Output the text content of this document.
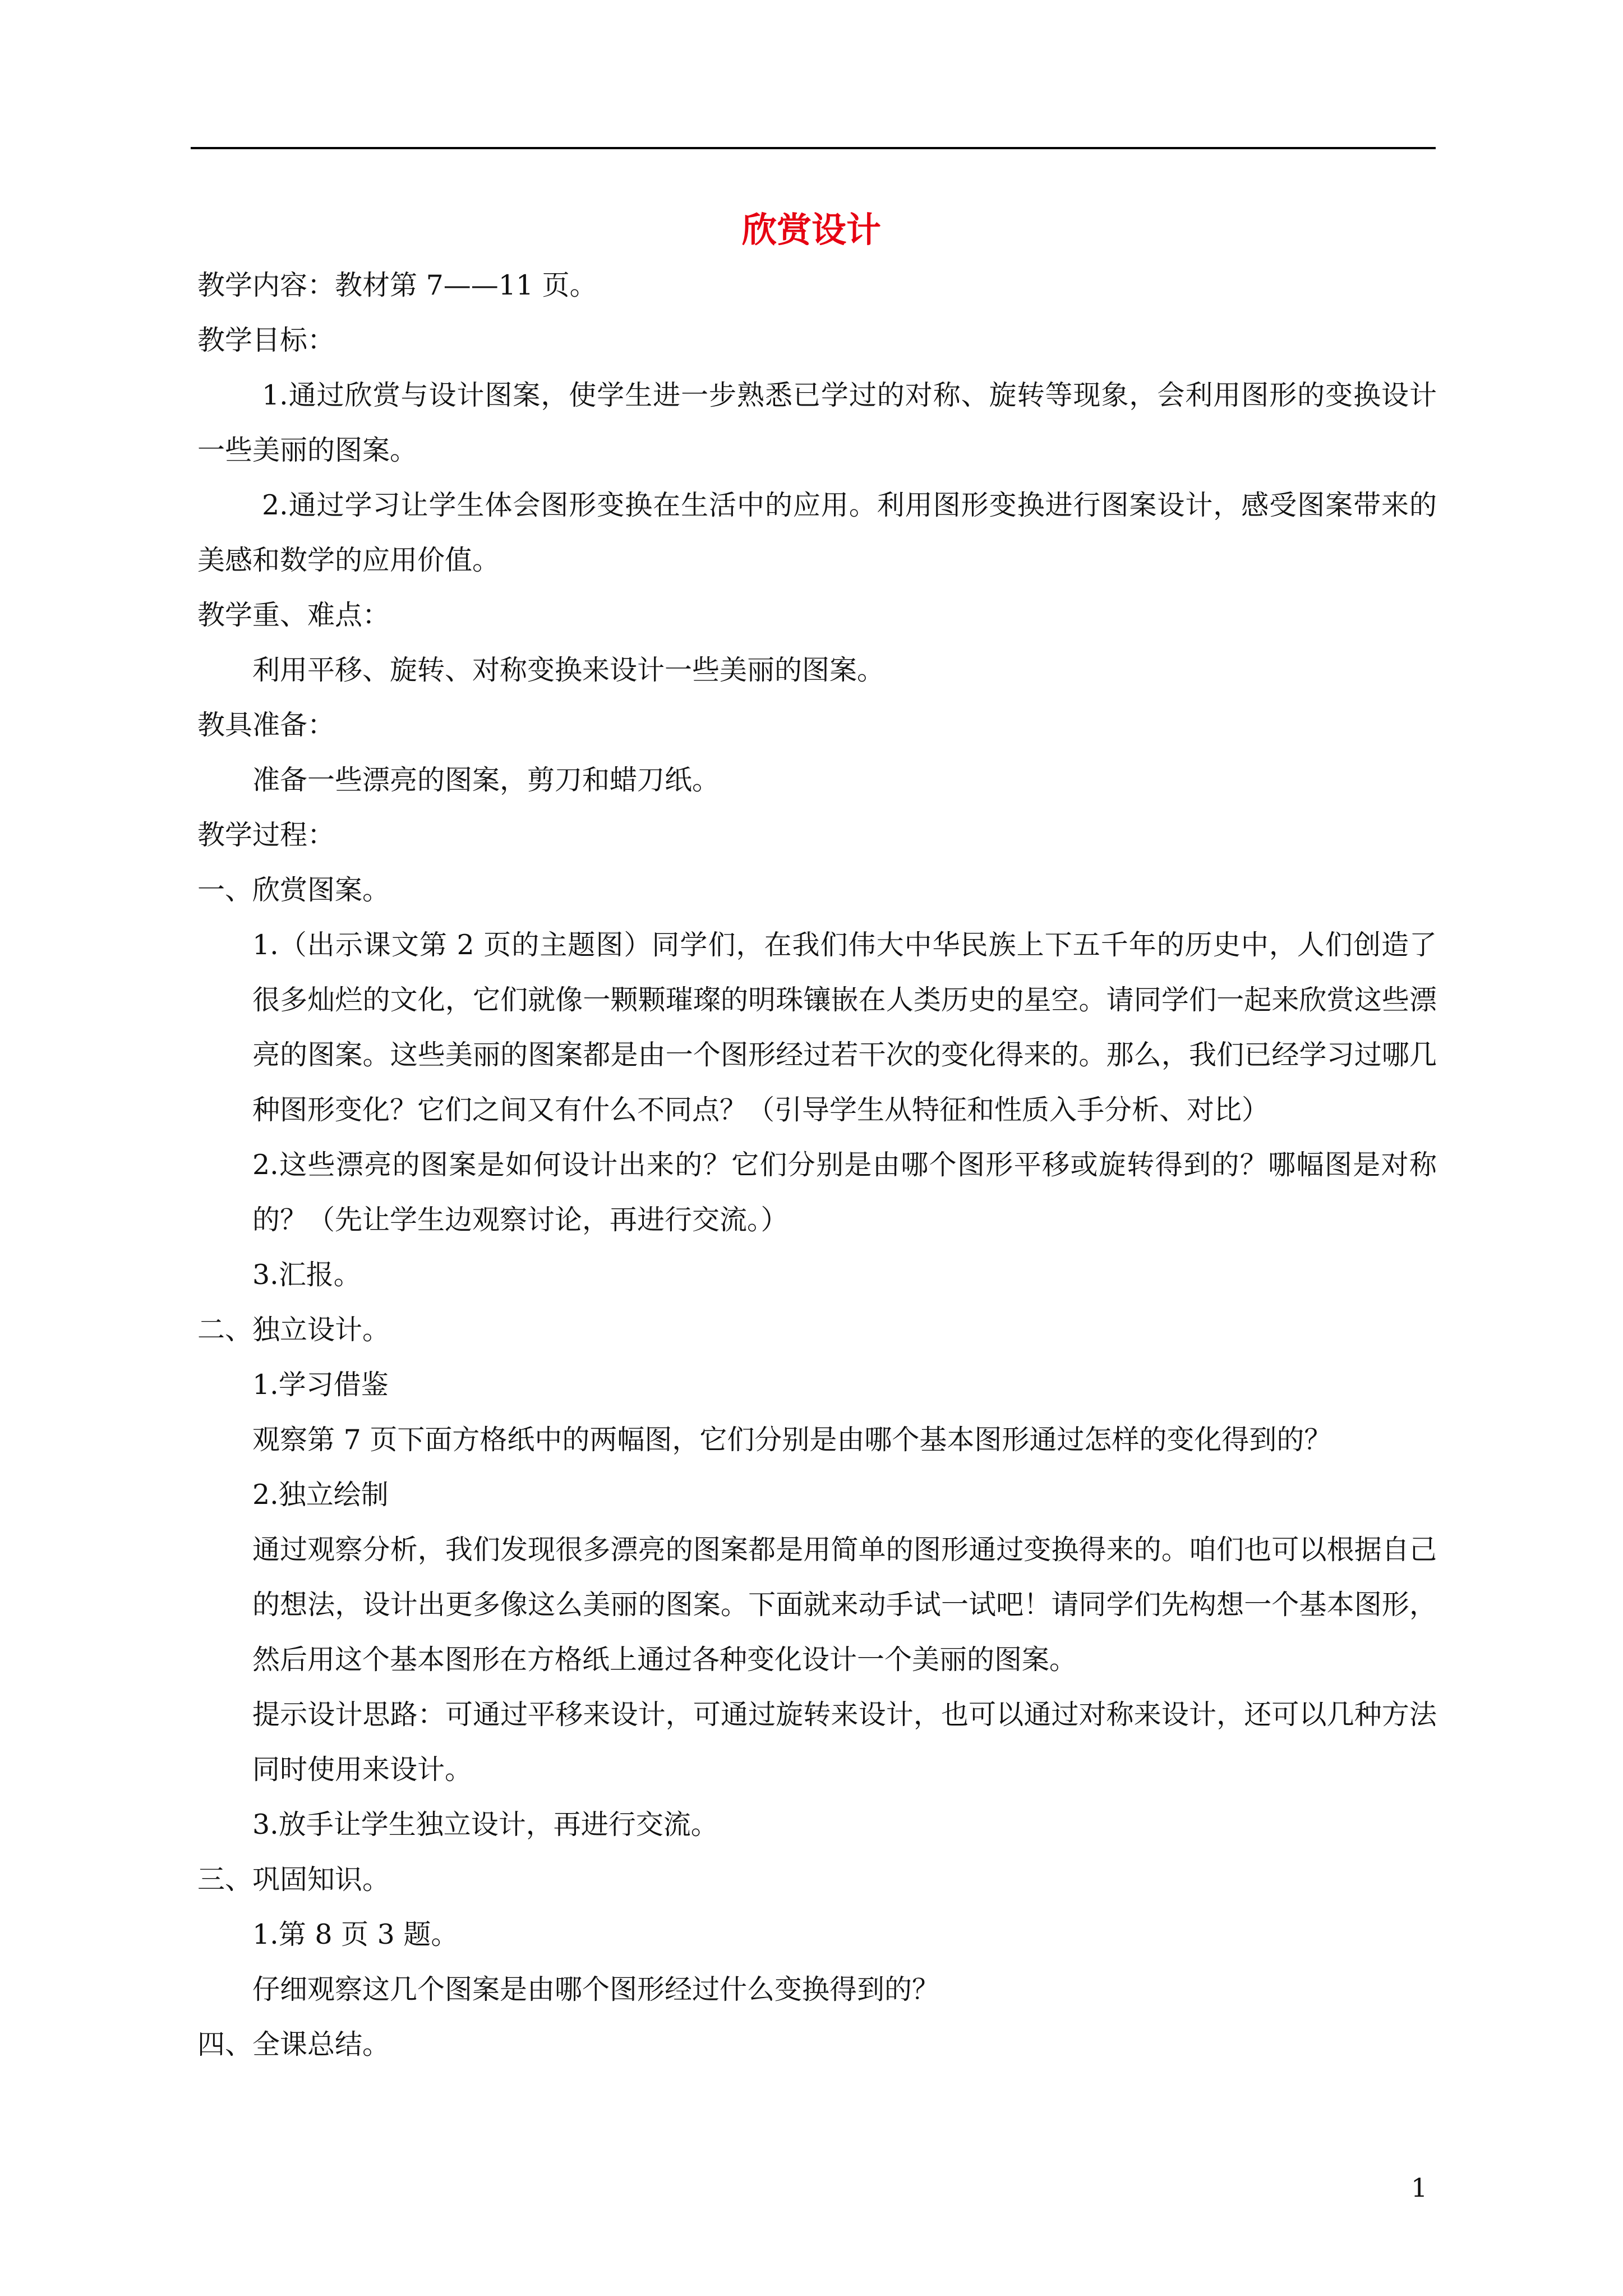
欣赏设计

教学内容：教材第 7——11 页。

教学目标：

1.通过欣赏与设计图案，使学生进一步熟悉已学过的对称、旋转等现象，会利用图形的变换设计一些美丽的图案。

2.通过学习让学生体会图形变换在生活中的应用。利用图形变换进行图案设计，感受图案带来的美感和数学的应用价值。

教学重、难点：

利用平移、旋转、对称变换来设计一些美丽的图案。

教具准备：

准备一些漂亮的图案，剪刀和蜡刀纸。

教学过程：

一、欣赏图案。

1.（出示课文第 2 页的主题图）同学们，在我们伟大中华民族上下五千年的历史中，人们创造了很多灿烂的文化，它们就像一颗颗璀璨的明珠镶嵌在人类历史的星空。请同学们一起来欣赏这些漂亮的图案。这些美丽的图案都是由一个图形经过若干次的变化得来的。那么，我们已经学习过哪几种图形变化？它们之间又有什么不同点？（引导学生从特征和性质入手分析、对比）

2.这些漂亮的图案是如何设计出来的？它们分别是由哪个图形平移或旋转得到的？哪幅图是对称的？（先让学生边观察讨论，再进行交流。）

3.汇报。

二、独立设计。

1.学习借鉴

观察第 7 页下面方格纸中的两幅图，它们分别是由哪个基本图形通过怎样的变化得到的？

2.独立绘制

通过观察分析，我们发现很多漂亮的图案都是用简单的图形通过变换得来的。咱们也可以根据自己的想法，设计出更多像这么美丽的图案。下面就来动手试一试吧！请同学们先构想一个基本图形，然后用这个基本图形在方格纸上通过各种变化设计一个美丽的图案。

提示设计思路：可通过平移来设计，可通过旋转来设计，也可以通过对称来设计，还可以几种方法同时使用来设计。

3.放手让学生独立设计，再进行交流。

三、巩固知识。

1.第 8 页 3 题。

仔细观察这几个图案是由哪个图形经过什么变换得到的？

四、全课总结。

1
